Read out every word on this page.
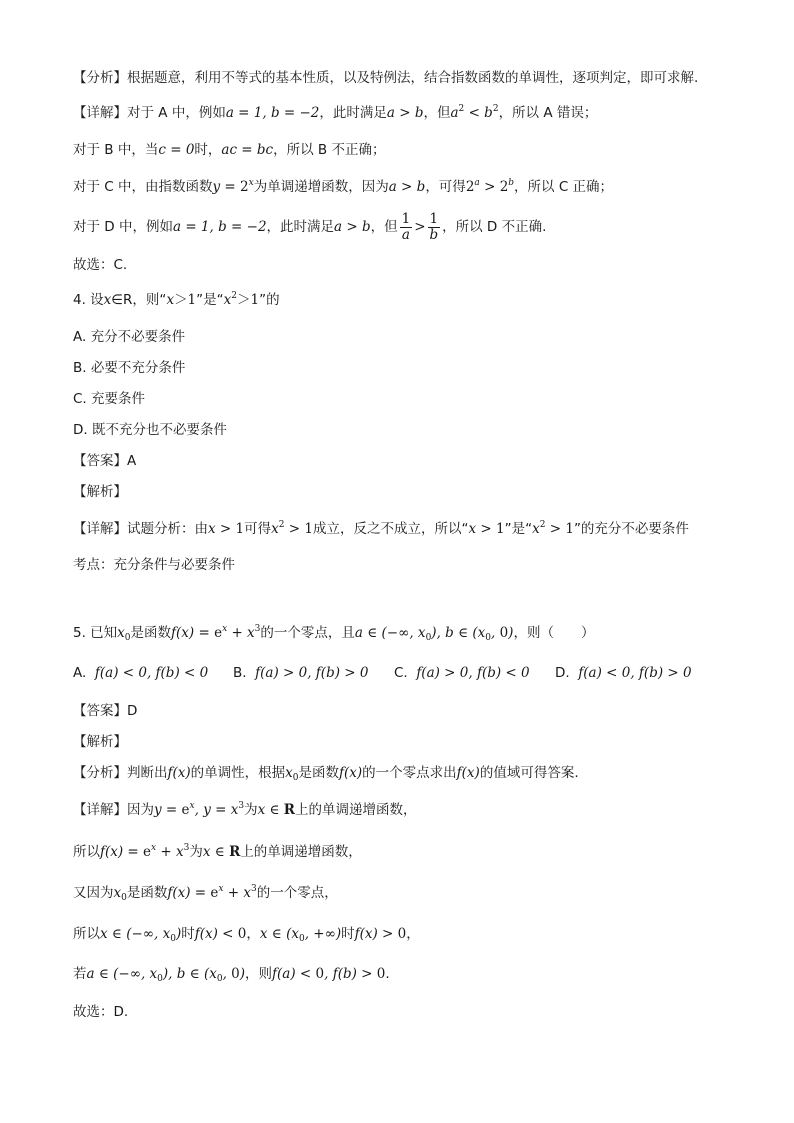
【分析】根据题意，利用不等式的基本性质，以及特例法，结合指数函数的单调性，逐项判定，即可求解.
【详解】对于 A 中，例如a = 1, b = −2，此时满足a > b，但$a^2 < b^2$，所以 A 错误；
对于 B 中，当c = 0时，ac = bc，所以 B 不正确；
对于 C 中，由指数函数$y = 2^x$为单调递增函数，因为a > b，可得$2^a > 2^b$，所以 C 正确；
对于 D 中，例如a = 1, b = −2，此时满足a > b，但 $\frac{1}{a} > \frac{1}{b}$ ，所以 D 不正确.
故选：C.
4. 设x∈R，则“x＞1”是“$x^2>1$”的
A. 充分不必要条件
B. 必要不充分条件
C. 充要条件
D. 既不充分也不必要条件
【答案】A
【解析】
【详解】试题分析：由x > 1可得$x^2 > 1$成立，反之不成立，所以“x > 1”是“$x^2 > 1$”的充分不必要条件
考点：充分条件与必要条件
5. 已知$x_0$是函数$f(x) = e^x + x^3$的一个零点，且a ∈ (−∞, $x_0$), b ∈ ($x_0$, 0)，则（　　）
A. f(a) < 0, f(b) < 0 B. f(a) > 0, f(b) > 0 C. f(a) > 0, f(b) < 0 D. f(a) < 0, f(b) > 0
【答案】D
【解析】
【分析】判断出f(x)的单调性，根据$x_0$是函数f(x)的一个零点求出f(x)的值域可得答案.
【详解】因为$y = e^x$, $y = x^3$为x ∈ R上的单调递增函数，
所以$f(x) = e^x + x^3$为x ∈ R上的单调递增函数，
又因为$x_0$是函数$f(x) = e^x + x^3$的一个零点，
所以x ∈ (−∞, $x_0$)时f(x) < 0，x ∈ ($x_0$, +∞)时f(x) > 0，
若a ∈ (−∞, $x_0$), b ∈ ($x_0$, 0)，则f(a) < 0, f(b) > 0.
故选：D.
